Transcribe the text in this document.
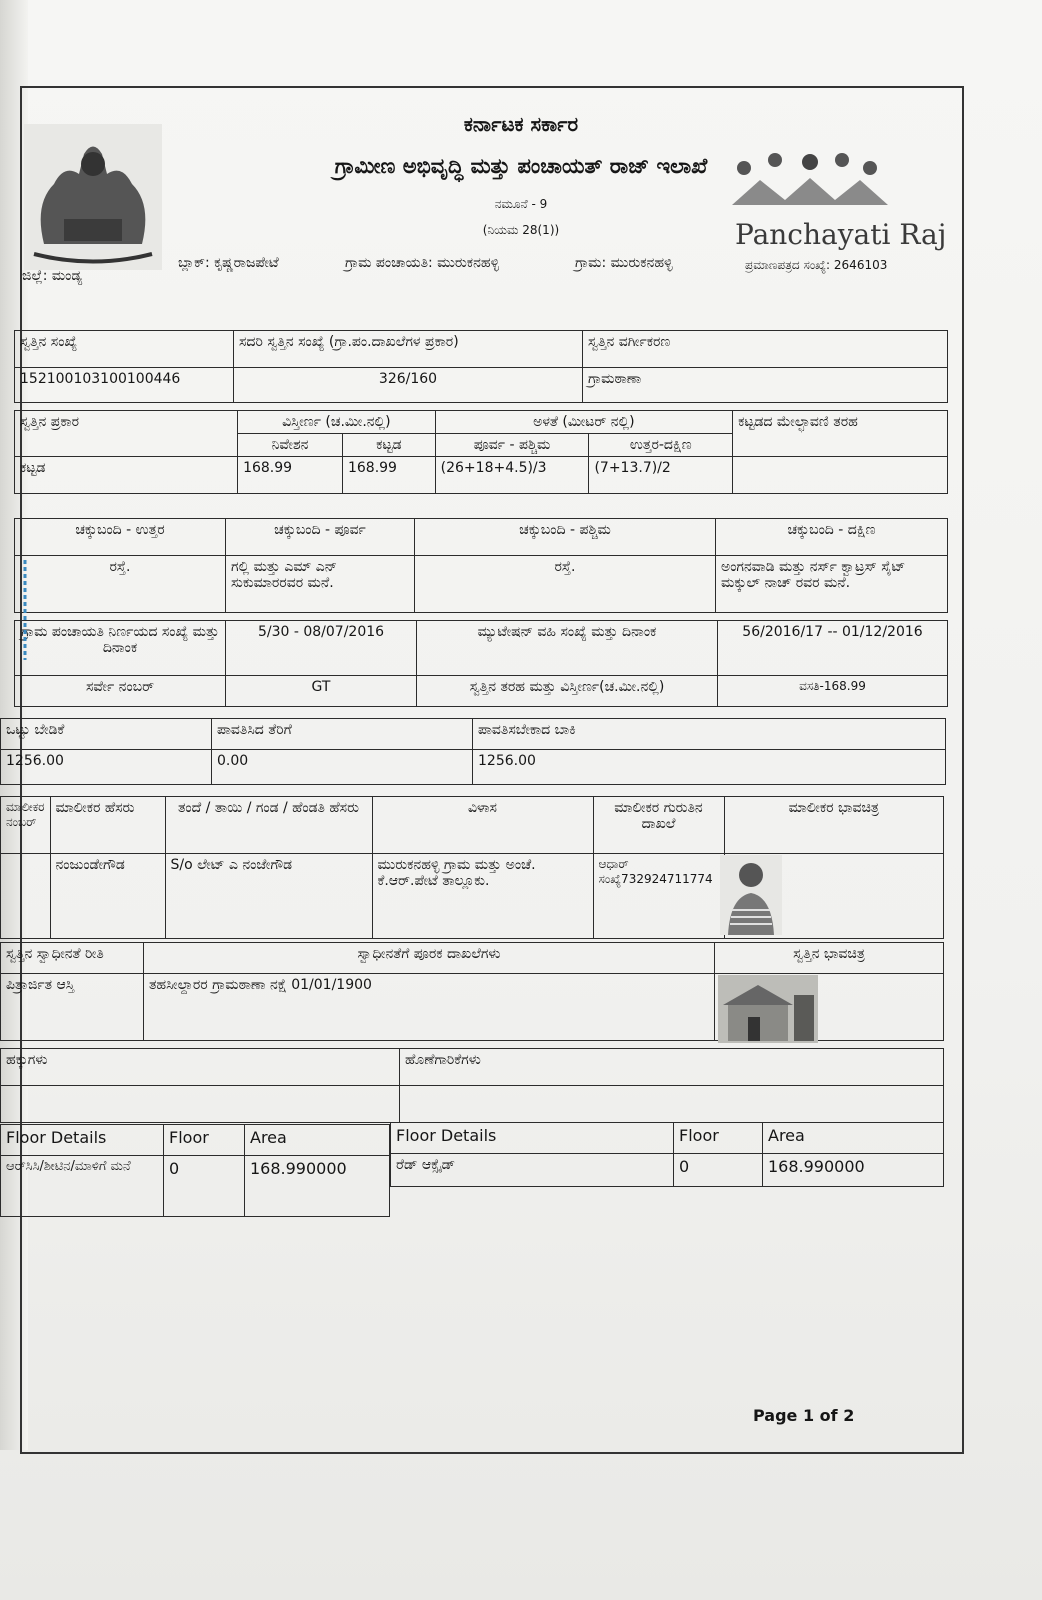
Panchayati Raj
ಕರ್ನಾಟಕ ಸರ್ಕಾರ
ಗ್ರಾಮೀಣ ಅಭಿವೃದ್ಧಿ ಮತ್ತು ಪಂಚಾಯತ್ ರಾಜ್ ಇಲಾಖೆ
ನಮೂನೆ - 9
(ನಿಯಮ 28(1))
ಜಿಲ್ಲೆ: ಮಂಡ್ಯ
ಬ್ಲಾಕ್: ಕೃಷ್ಣರಾಜಪೇಟೆ	ಗ್ರಾಮ ಪಂಚಾಯತಿ: ಮುರುಕನಹಳ್ಳಿ	ಗ್ರಾಮ: ಮುರುಕನಹಳ್ಳಿ	ಪ್ರಮಾಣಪತ್ರದ ಸಂಖ್ಯೆ: 2646103
ಸ್ವತ್ತಿನ ಸಂಖ್ಯೆ	ಸದರಿ ಸ್ವತ್ತಿನ ಸಂಖ್ಯೆ (ಗ್ರಾ.ಪಂ.ದಾಖಲೆಗಳ ಪ್ರಕಾರ)	ಸ್ವತ್ತಿನ ವರ್ಗೀಕರಣ
152100103100100446	326/160	ಗ್ರಾಮಠಾಣಾ
ಸ್ವತ್ತಿನ ಪ್ರಕಾರ	ವಿಸ್ತೀರ್ಣ (ಚ.ಮೀ.ನಲ್ಲಿ)		ಅಳತೆ (ಮೀಟರ್ ನಲ್ಲಿ)		ಕಟ್ಟಡದ ಮೇಲ್ಛಾವಣಿ ತರಹ
	ನಿವೇಶನ	ಕಟ್ಟಡ	ಪೂರ್ವ - ಪಶ್ಚಿಮ	ಉತ್ತರ-ದಕ್ಷಿಣ	
ಕಟ್ಟಡ	168.99	168.99	(26+18+4.5)/3	(7+13.7)/2	
ಚಕ್ಕುಬಂದಿ - ಉತ್ತರ	ಚಕ್ಕುಬಂದಿ - ಪೂರ್ವ	ಚಕ್ಕುಬಂದಿ - ಪಶ್ಚಿಮ	ಚಕ್ಕುಬಂದಿ - ದಕ್ಷಿಣ
ರಸ್ತೆ.	ಗಲ್ಲಿ ಮತ್ತು ಎಮ್ ಎನ್ ಸುಕುಮಾರರವರ ಮನೆ.	ರಸ್ತೆ.	ಅಂಗನವಾಡಿ ಮತ್ತು ನರ್ಸ್ ಕ್ವಾಟ್ರಸ್ ಸೈಟ್ ಮಕ್ಕುಲ್ ನಾಚ್ ರವರ ಮನೆ.
ಗ್ರಾಮ ಪಂಚಾಯತಿ ನಿರ್ಣಯದ ಸಂಖ್ಯೆ ಮತ್ತು ದಿನಾಂಕ	5/30 - 08/07/2016	ಮ್ಯುಟೇಷನ್ ವಹಿ ಸಂಖ್ಯೆ ಮತ್ತು ದಿನಾಂಕ	56/2016/17 -- 01/12/2016
ಸರ್ವೇ ನಂಬರ್	GT	ಸ್ವತ್ತಿನ ತರಹ ಮತ್ತು ವಿಸ್ತೀರ್ಣ(ಚ.ಮೀ.ನಲ್ಲಿ)	ವಸತಿ-168.99
ಒಟ್ಟು ಬೇಡಿಕೆ	ಪಾವತಿಸಿದ ತೆರಿಗೆ	ಪಾವತಿಸಬೇಕಾದ ಬಾಕಿ
1256.00	0.00	1256.00
ಮಾಲೀಕರ ನಂಬರ್	ಮಾಲೀಕರ ಹೆಸರು	ತಂದೆ / ತಾಯಿ / ಗಂಡ / ಹೆಂಡತಿ ಹೆಸರು	ವಿಳಾಸ	ಮಾಲೀಕರ ಗುರುತಿನ ದಾಖಲೆ	ಮಾಲೀಕರ ಭಾವಚಿತ್ರ
	ನಂಜುಂಡೇಗೌಡ	S/o ಲೇಟ್ ಎ ನಂಜೇಗೌಡ	ಮುರುಕನಹಳ್ಳಿ ಗ್ರಾಮ ಮತ್ತು ಅಂಚೆ. ಕೆ.ಆರ್.ಪೇಟೆ ತಾಲ್ಲೂಕು.	ಆಧಾರ್ ಸಂಖ್ಯೆ732924711774	
ಸ್ವತ್ತಿನ ಸ್ವಾಧೀನತೆ ರೀತಿ	ಸ್ವಾಧೀನತೆಗೆ ಪೂರಕ ದಾಖಲೆಗಳು	ಸ್ವತ್ತಿನ ಭಾವಚಿತ್ರ
ಪಿತ್ರಾರ್ಜಿತ ಆಸ್ತಿ	ತಹಸೀಲ್ದಾರರ ಗ್ರಾಮಠಾಣಾ ನಕ್ಷೆ 01/01/1900	
ಹಕ್ಕುಗಳು	ಹೊಣೆಗಾರಿಕೆಗಳು

Floor Details	Floor	Area
ಆರ್‌ಸಿಸಿ/ಶೀಟಿನ/ಮಾಳಿಗೆ ಮನೆ	0	168.990000
Floor Details	Floor	Area
ರೆಡ್ ಆಕ್ಸೈಡ್	0	168.990000
Page 1 of 2
